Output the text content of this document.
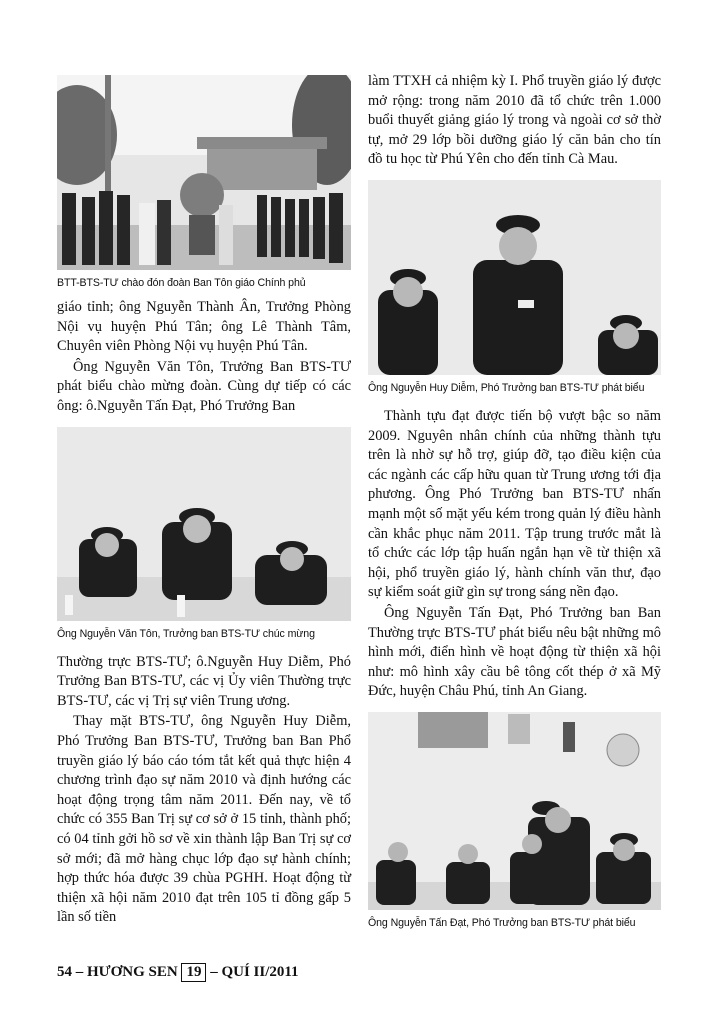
BTT-BTS-TƯ chào đón đoàn Ban Tôn giáo Chính phủ

giáo tỉnh; ông Nguyễn Thành Ân, Trưởng Phòng Nội vụ huyện Phú Tân; ông Lê Thành Tâm, Chuyên viên Phòng Nội vụ huyện Phú Tân.

Ông Nguyễn Văn Tôn, Trưởng Ban BTS-TƯ phát biểu chào mừng đoàn. Cùng dự tiếp có các ông: ô.Nguyễn Tấn Đạt, Phó Trưởng Ban

Ông Nguyễn Văn Tôn, Trưởng ban BTS-TƯ chúc mừng

Thường trực BTS-TƯ; ô.Nguyễn Huy Diễm, Phó Trưởng Ban BTS-TƯ, các vị Ủy viên Thường trực BTS-TƯ, các vị Trị sự viên Trung ương.

Thay mặt BTS-TƯ, ông Nguyễn Huy Diễm, Phó Trưởng Ban BTS-TƯ, Trưởng ban Ban Phổ truyền giáo lý báo cáo tóm tắt kết quả thực hiện 4 chương trình đạo sự năm 2010 và định hướng các hoạt động trọng tâm năm 2011. Đến nay, về tổ chức có 355 Ban Trị sự cơ sở ở 15 tỉnh, thành phố; có 04 tỉnh gởi hồ sơ về xin thành lập Ban Trị sự cơ sở mới; đã mở hàng chục lớp đạo sự hành chính; hợp thức hóa được 39 chùa PGHH. Hoạt động từ thiện xã hội năm 2010 đạt trên 105 tỉ đồng gấp 5 lần số tiền

làm TTXH cả nhiệm kỳ I. Phổ truyền giáo lý được mở rộng: trong năm 2010 đã tổ chức trên 1.000 buổi thuyết giảng giáo lý trong và ngoài cơ sở thờ tự, mở 29 lớp bồi dưỡng giáo lý căn bản cho tín đồ tu học từ Phú Yên cho đến tỉnh Cà Mau.

Ông Nguyễn Huy Diễm, Phó Trưởng ban BTS-TƯ phát biểu

Thành tựu đạt được tiến bộ vượt bậc so năm 2009. Nguyên nhân chính của những thành tựu trên là nhờ sự hỗ trợ, giúp đỡ, tạo điều kiện của các ngành các cấp hữu quan từ Trung ương tới địa phương. Ông Phó Trưởng ban BTS-TƯ nhấn mạnh một số mặt yếu kém trong quản lý điều hành cần khắc phục năm 2011. Tập trung trước mắt là tổ chức các lớp tập huấn ngắn hạn về từ thiện xã hội, phổ truyền giáo lý, hành chính văn thư, đạo sự kiểm soát giữ gìn sự trong sáng nền đạo.

Ông Nguyễn Tấn Đạt, Phó Trưởng ban Ban Thường trực BTS-TƯ phát biểu nêu bật những mô hình mới, điển hình về hoạt động từ thiện xã hội như: mô hình xây cầu bê tông cốt thép ở xã Mỹ Đức, huyện Châu Phú, tỉnh An Giang.

Ông Nguyễn Tấn Đạt, Phó Trưởng ban BTS-TƯ phát biểu
54 – HƯƠNG SEN 19 – QUÍ II/2011
